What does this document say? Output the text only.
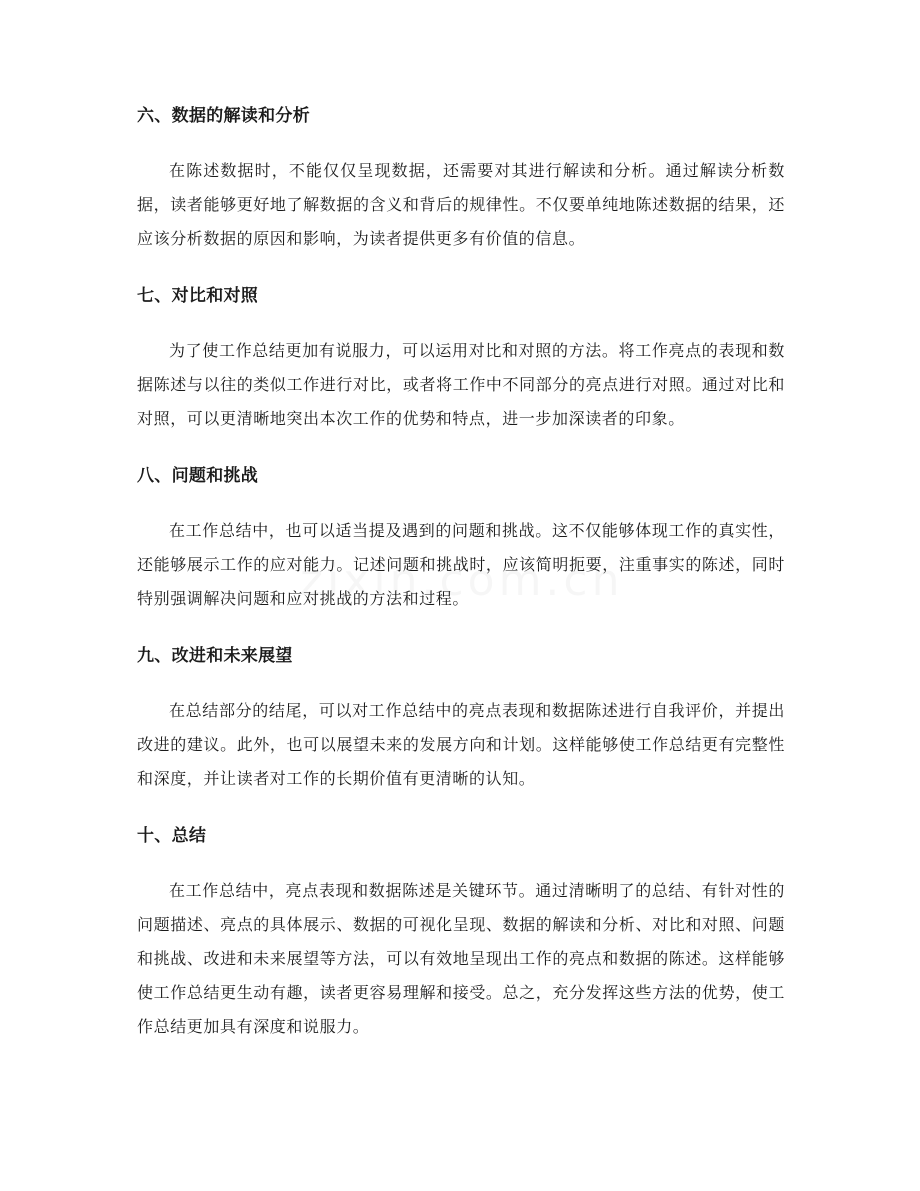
六、数据的解读和分析

在陈述数据时，不能仅仅呈现数据，还需要对其进行解读和分析。通过解读分析数据，读者能够更好地了解数据的含义和背后的规律性。不仅要单纯地陈述数据的结果，还应该分析数据的原因和影响，为读者提供更多有价值的信息。

七、对比和对照

为了使工作总结更加有说服力，可以运用对比和对照的方法。将工作亮点的表现和数据陈述与以往的类似工作进行对比，或者将工作中不同部分的亮点进行对照。通过对比和对照，可以更清晰地突出本次工作的优势和特点，进一步加深读者的印象。

八、问题和挑战

在工作总结中，也可以适当提及遇到的问题和挑战。这不仅能够体现工作的真实性，还能够展示工作的应对能力。记述问题和挑战时，应该简明扼要，注重事实的陈述，同时特别强调解决问题和应对挑战的方法和过程。

九、改进和未来展望

在总结部分的结尾，可以对工作总结中的亮点表现和数据陈述进行自我评价，并提出改进的建议。此外，也可以展望未来的发展方向和计划。这样能够使工作总结更有完整性和深度，并让读者对工作的长期价值有更清晰的认知。

十、总结

在工作总结中，亮点表现和数据陈述是关键环节。通过清晰明了的总结、有针对性的问题描述、亮点的具体展示、数据的可视化呈现、数据的解读和分析、对比和对照、问题和挑战、改进和未来展望等方法，可以有效地呈现出工作的亮点和数据的陈述。这样能够使工作总结更生动有趣，读者更容易理解和接受。总之，充分发挥这些方法的优势，使工作总结更加具有深度和说服力。
